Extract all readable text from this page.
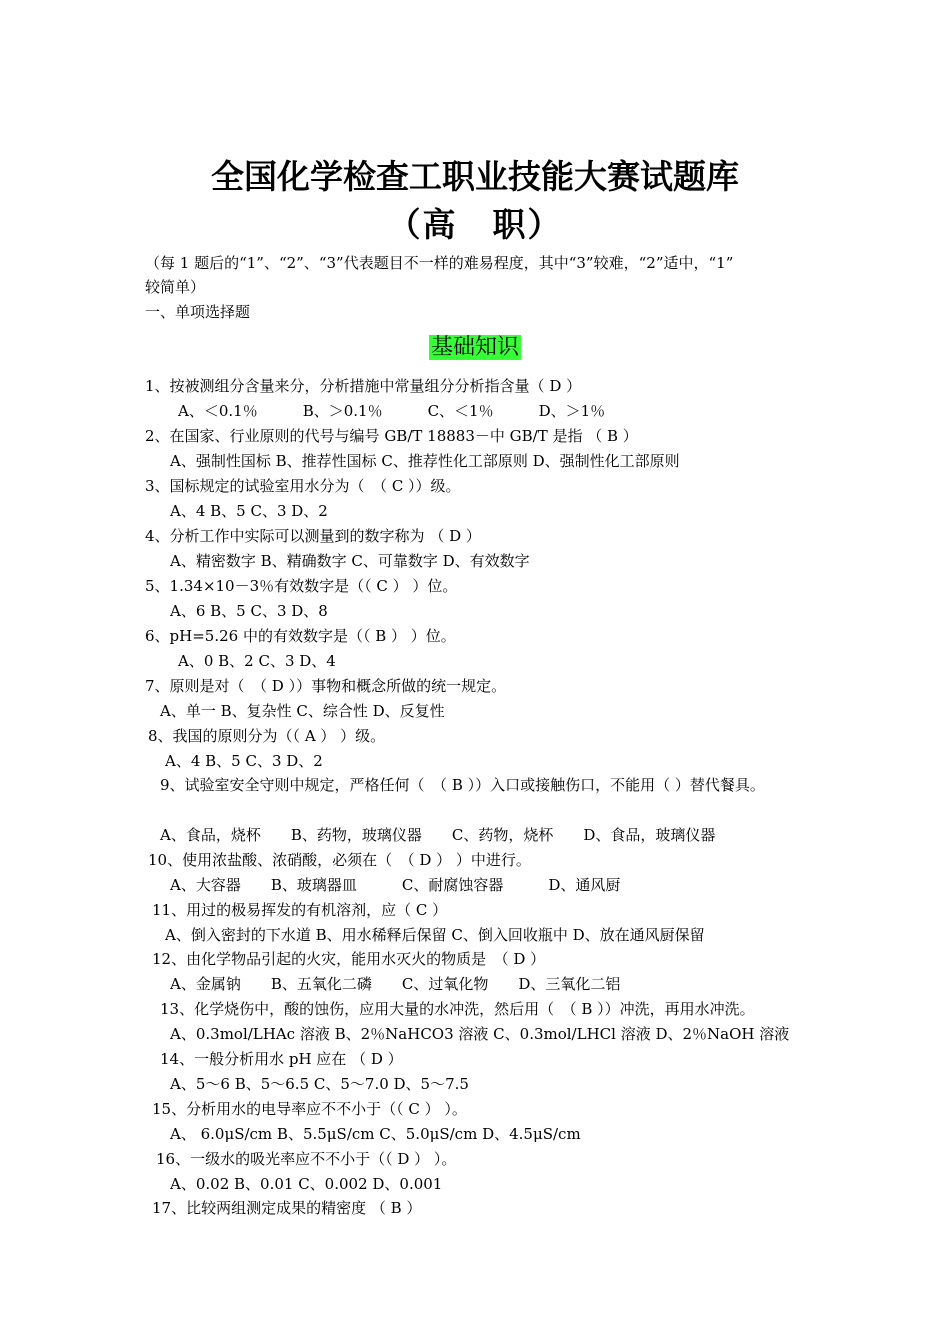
全国化学检查工职业技能大赛试题库
（高　职）
（每 1 题后的“1”、“2”、“3”代表题目不一样的难易程度，其中“3”较难，“2”适中，“1”
较简单）
一、单项选择题
基础知识
1、按被测组分含量来分，分析措施中常量组分分析指含量（ D ）
A、＜0.1％　　　B、＞0.1％　　　C、＜1％　　　D、＞1％
2、在国家、行业原则的代号与编号 GB/T 18883－中 GB/T 是指 （ B ）
A、强制性国标 B、推荐性国标 C、推荐性化工部原则 D、强制性化工部原则
3、国标规定的试验室用水分为（　（ C ））级。
A、4 B、5 C、3 D、2
4、分析工作中实际可以测量到的数字称为 （ D ）
A、精密数字 B、精确数字 C、可靠数字 D、有效数字
5、1.34×10－3％有效数字是（（ C ） ）位。
A、6 B、5 C、3 D、8
6、pH=5.26 中的有效数字是（（ B ） ）位。
A、0 B、2 C、3 D、4
7、原则是对（　（ D ））事物和概念所做的统一规定。
A、单一 B、复杂性 C、综合性 D、反复性
8、我国的原则分为（（ A ） ）级。
A、4 B、5 C、3 D、2
9、试验室安全守则中规定，严格任何（　（ B ））入口或接触伤口，不能用（ ）替代餐具。
A、食品，烧杯　　B、药物，玻璃仪器　　C、药物，烧杯　　D、食品，玻璃仪器
10、使用浓盐酸、浓硝酸，必须在（　（ D ） ）中进行。
A、大容器　　B、玻璃器皿　　　C、耐腐蚀容器　　　D、通风厨
11、用过的极易挥发的有机溶剂，应（ C ）
A、倒入密封的下水道 B、用水稀释后保留 C、倒入回收瓶中 D、放在通风厨保留
12、由化学物品引起的火灾，能用水灭火的物质是　（ D ）
A、金属钠　　B、五氧化二磷　　C、过氧化物　　D、三氧化二铝
13、化学烧伤中，酸的蚀伤，应用大量的水冲洗，然后用（　（ B ））冲洗，再用水冲洗。
A、0.3mol/LHAc 溶液 B、2％NaHCO3 溶液 C、0.3mol/LHCl 溶液 D、2％NaOH 溶液
14、一般分析用水 pH 应在 （ D ）
A、5～6 B、5～6.5 C、5～7.0 D、5～7.5
15、分析用水的电导率应不不小于（（ C ） ）。
A、 6.0μS/cm B、5.5μS/cm C、5.0μS/cm D、4.5μS/cm
16、一级水的吸光率应不不小于（（ D ） ）。
A、0.02 B、0.01 C、0.002 D、0.001
17、比较两组测定成果的精密度 （ B ）
